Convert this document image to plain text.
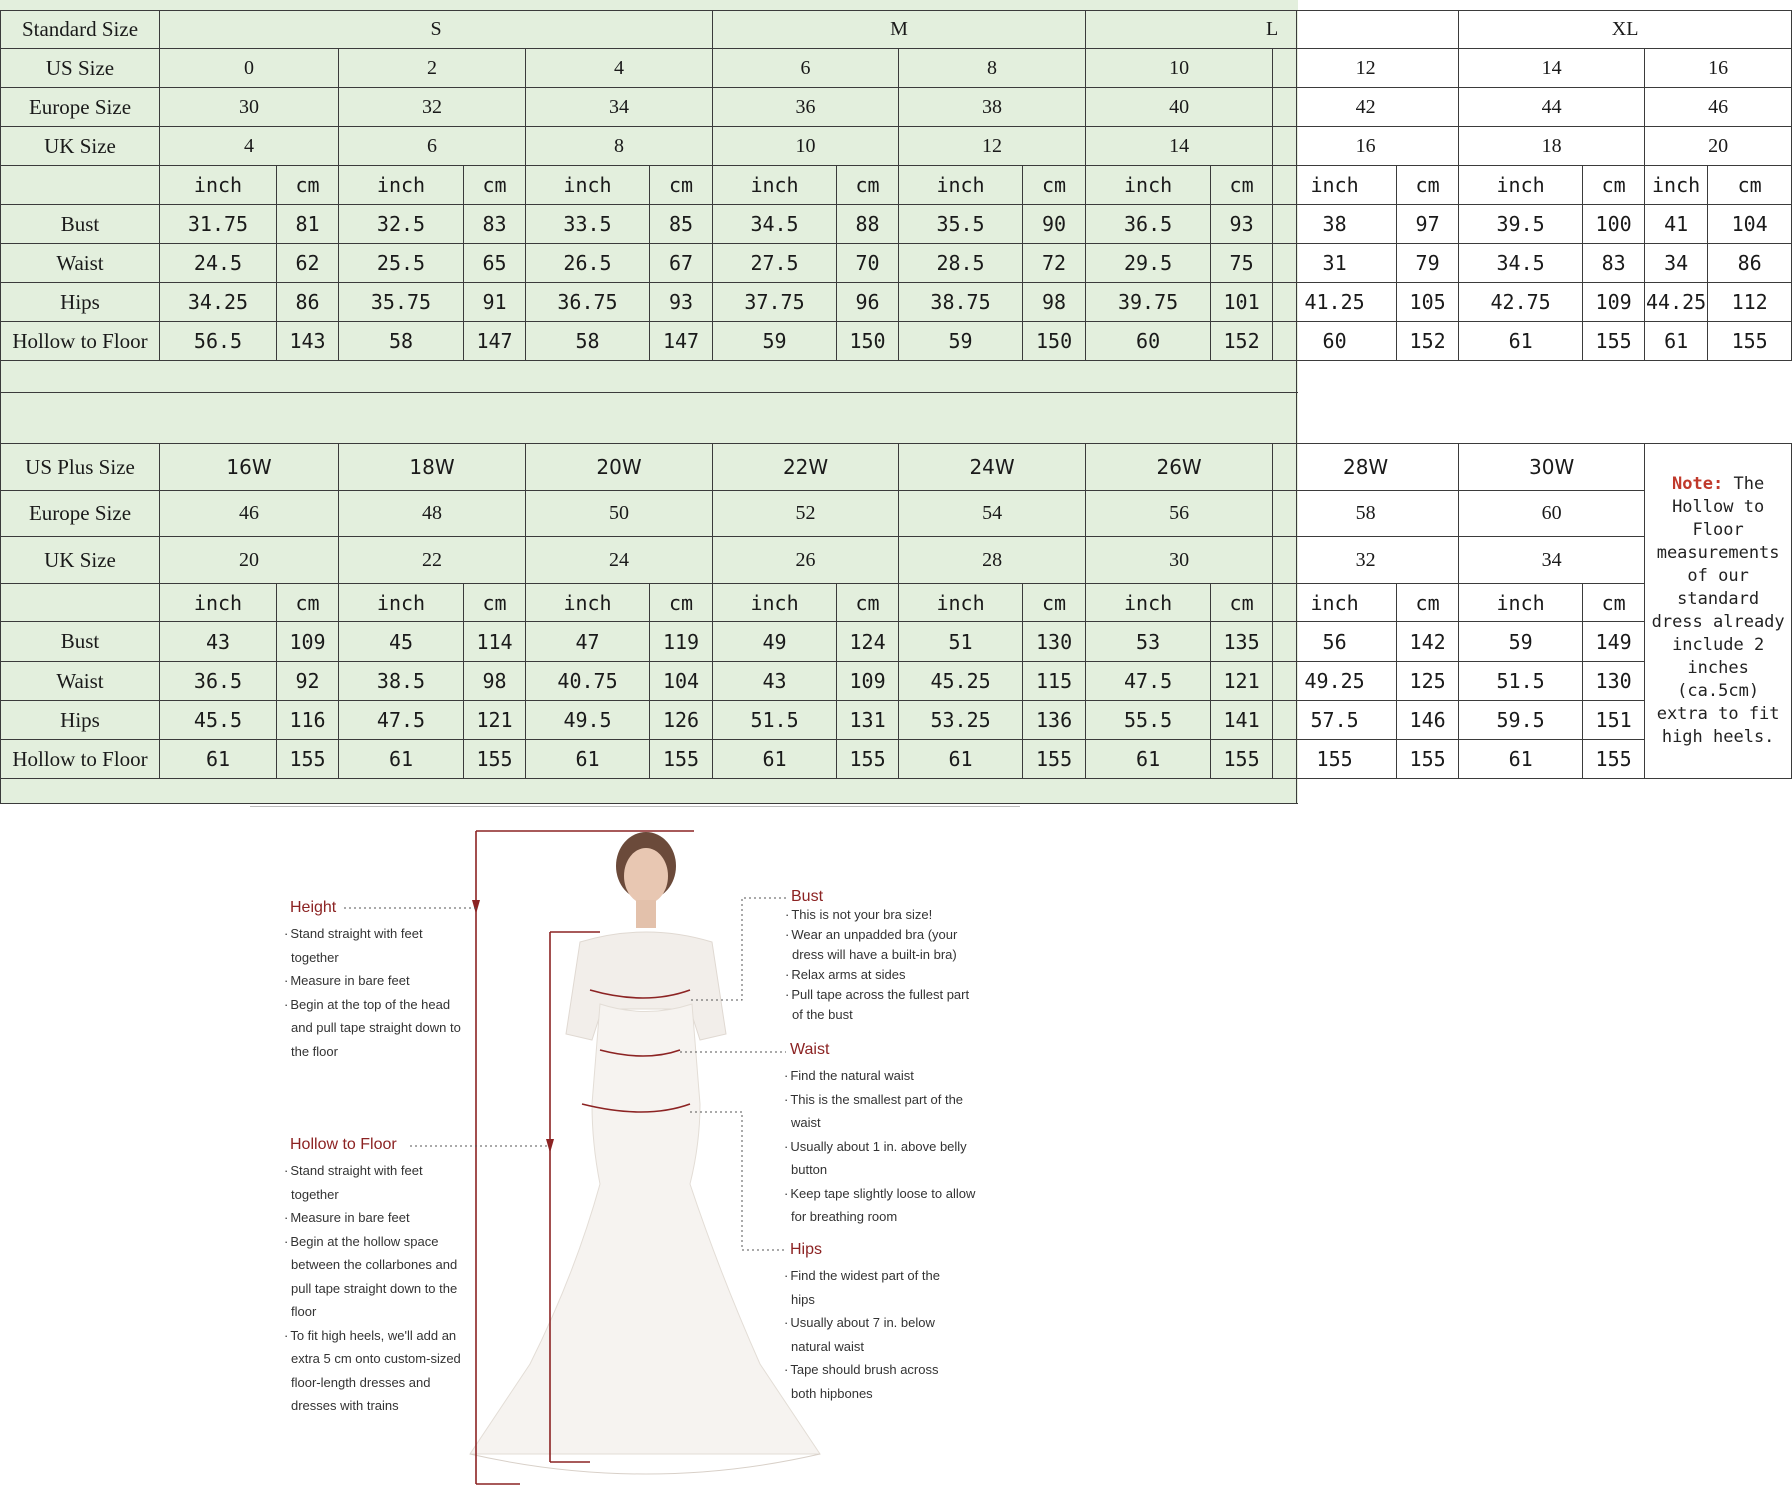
Standard Size	S						M				L				XL			
US Size	0		2		4		6		8		10		12		14		16	
Europe Size	30		32		34		36		38		40		42		44		46	
UK Size	4		6		8		10		12		14		16		18		20	
	inch	cm	inch	cm	inch	cm	inch	cm	inch	cm	inch	cm	inch	cm	inch	cm	inch	cm
Bust	31.75	81	32.5	83	33.5	85	34.5	88	35.5	90	36.5	93	38	97	39.5	100	41	104
Waist	24.5	62	25.5	65	26.5	67	27.5	70	28.5	72	29.5	75	31	79	34.5	83	34	86
Hips	34.25	86	35.75	91	36.75	93	37.75	96	38.75	98	39.75	101	41.25	105	42.75	109	44.25	112
Hollow to Floor	56.5	143	58	147	58	147	59	150	59	150	60	152	60	152	61	155	61	155
US Plus Size	16W		18W		20W		22W		24W		26W		28W		30W		Note: The Hollow to Floor measurements of our standard dress already include 2 inches (ca.5cm) extra to fit high heels.
Europe Size	46		48		50		52		54		56		58		60		
UK Size	20		22		24		26		28		30		32		34		
	inch	cm	inch	cm	inch	cm	inch	cm	inch	cm	inch	cm	inch	cm	inch	cm	
Bust	43	109	45	114	47	119	49	124	51	130	53	135	56	142	59	149	
Waist	36.5	92	38.5	98	40.75	104	43	109	45.25	115	47.5	121	49.25	125	51.5	130	
Hips	45.5	116	47.5	121	49.5	126	51.5	131	53.25	136	55.5	141	57.5	146	59.5	151	
Hollow to Floor	61	155	61	155	61	155	61	155	61	155	61	155	155	155	61	155	
Height
· Stand straight with feet together
· Measure in bare feet
· Begin at the top of the head and pull tape straight down to the floor
Hollow to Floor
· Stand straight with feet together
· Measure in bare feet
· Begin at the hollow space between the collarbones and pull tape straight down to the floor
· To fit high heels, we'll add an extra 5 cm onto custom-sized floor-length dresses and dresses with trains
Bust
· This is not your bra size!
· Wear an unpadded bra (your dress will have a built-in bra)
· Relax arms at sides
· Pull tape across the fullest part of the bust
Waist
· Find the natural waist
· This is the smallest part of the waist
· Usually about 1 in. above belly button
· Keep tape slightly loose to allow for breathing room
Hips
· Find the widest part of the hips
· Usually about 7 in. below natural waist
· Tape should brush across both hipbones
